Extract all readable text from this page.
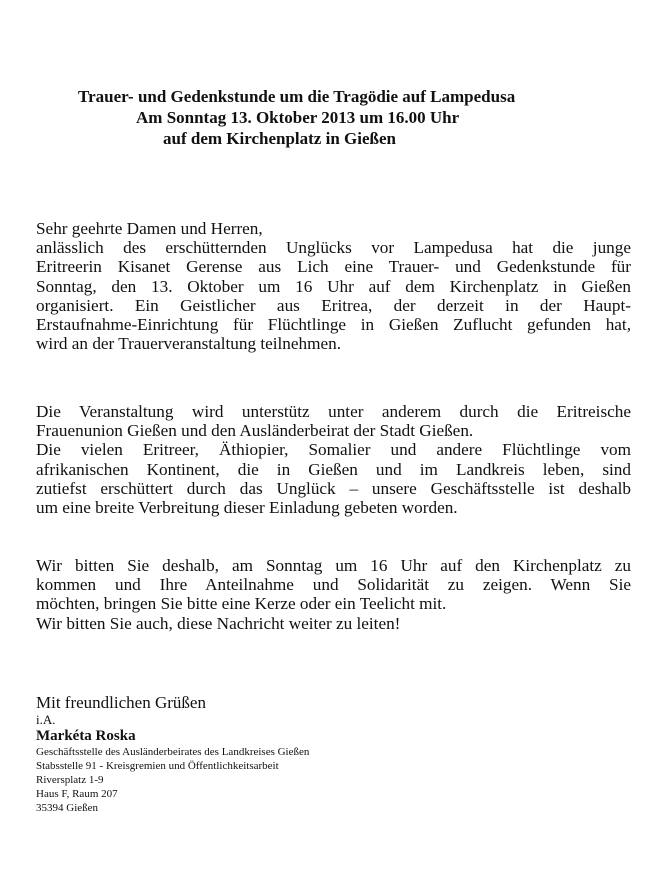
Trauer- und Gedenkstunde um die Tragödie auf Lampedusa
Am Sonntag 13. Oktober 2013 um 16.00 Uhr
auf dem Kirchenplatz in Gießen
Sehr geehrte Damen und Herren,
anlässlich des erschütternden Unglücks vor Lampedusa hat die junge
Eritreerin Kisanet Gerense aus Lich eine Trauer- und Gedenkstunde für
Sonntag, den 13. Oktober um 16 Uhr auf dem Kirchenplatz in Gießen
organisiert. Ein Geistlicher aus Eritrea, der derzeit in der Haupt-
Erstaufnahme-Einrichtung für Flüchtlinge in Gießen Zuflucht gefunden hat,
wird an der Trauerveranstaltung teilnehmen.
Die Veranstaltung wird unterstütz unter anderem durch die Eritreische
Frauenunion Gießen und den Ausländerbeirat der Stadt Gießen.
Die vielen Eritreer, Äthiopier, Somalier und andere Flüchtlinge vom
afrikanischen Kontinent, die in Gießen und im Landkreis leben, sind
zutiefst erschüttert durch das Unglück – unsere Geschäftsstelle ist deshalb
um eine breite Verbreitung dieser Einladung gebeten worden.
Wir bitten Sie deshalb, am Sonntag um 16 Uhr auf den Kirchenplatz zu
kommen und Ihre Anteilnahme und Solidarität zu zeigen. Wenn Sie
möchten, bringen Sie bitte eine Kerze oder ein Teelicht mit.
Wir bitten Sie auch, diese Nachricht weiter zu leiten!
Mit freundlichen Grüßen
i.A.
Markéta Roska
Geschäftsstelle des Ausländerbeirates des Landkreises Gießen
Stabsstelle 91 - Kreisgremien und Öffentlichkeitsarbeit
Riversplatz 1-9
Haus F, Raum 207
35394 Gießen
